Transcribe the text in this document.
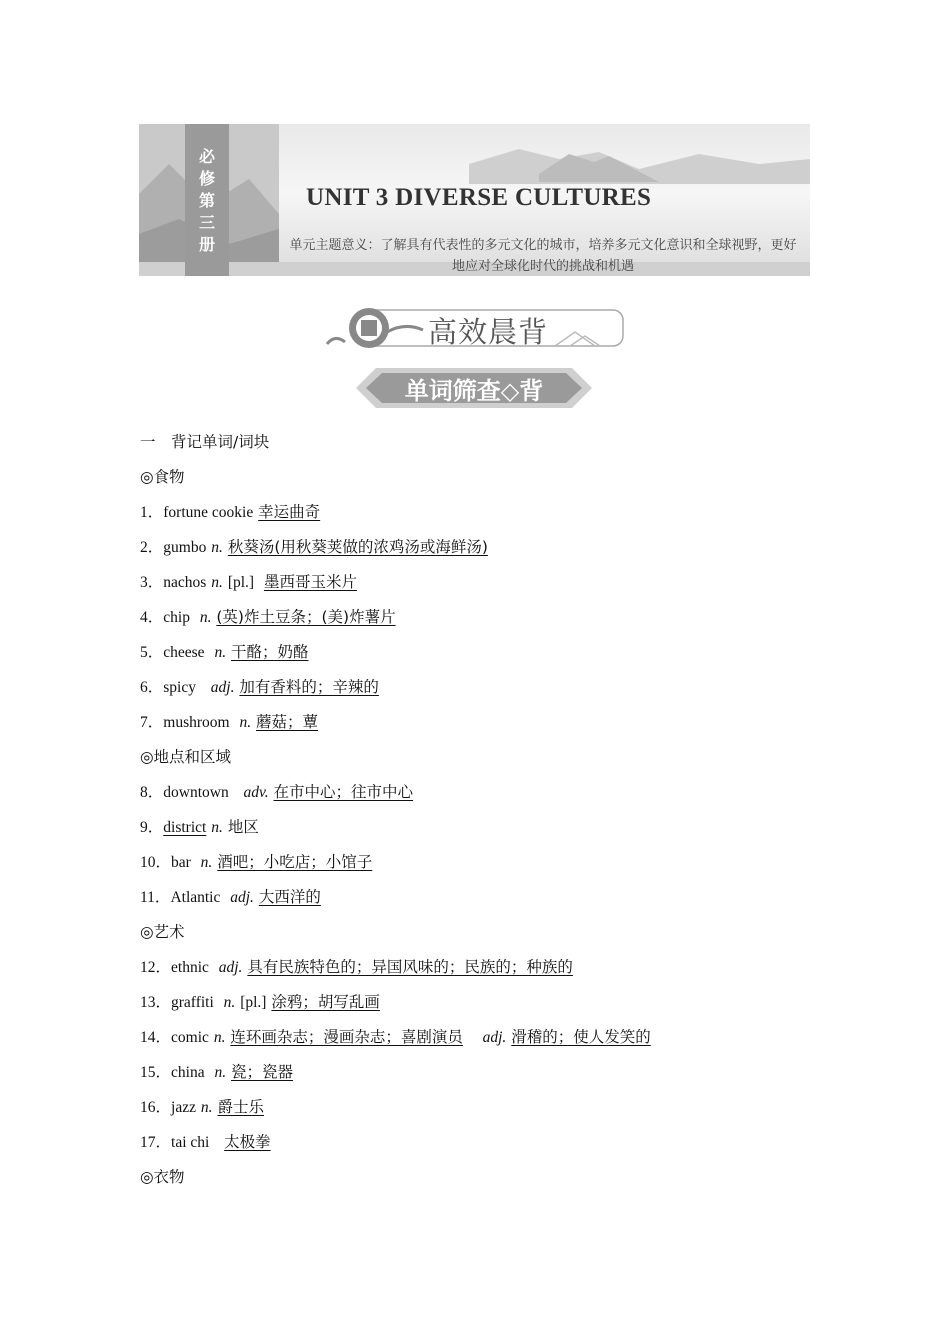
必
修
第
三
册
UNIT 3 DIVERSE CULTURES
单元主题意义：了解具有代表性的多元文化的城市，培养多元文化意识和全球视野，更好
地应对全球化时代的挑战和机遇
高效晨背
单词筛查◇背
一　背记单词/词块
◎食物
1．fortune cookie 幸运曲奇
2．gumbo n. 秋葵汤(用秋葵荚做的浓鸡汤或海鲜汤)
3．nachos n. [pl.] 墨西哥玉米片
4．chip n. (英)炸土豆条；(美)炸薯片
5．cheese n. 干酪；奶酪
6．spicy adj. 加有香料的；辛辣的
7．mushroom n. 蘑菇；蕈
◎地点和区域
8．downtown adv. 在市中心；往市中心
9．district n. 地区
10．bar n. 酒吧；小吃店；小馆子
11．Atlantic adj. 大西洋的
◎艺术
12．ethnic adj. 具有民族特色的；异国风味的；民族的；种族的
13．graffiti n. [pl.] 涂鸦；胡写乱画
14．comic n. 连环画杂志；漫画杂志；喜剧演员 adj. 滑稽的；使人发笑的
15．china n. 瓷；瓷器
16．jazz n. 爵士乐
17．tai chi 太极拳
◎衣物
